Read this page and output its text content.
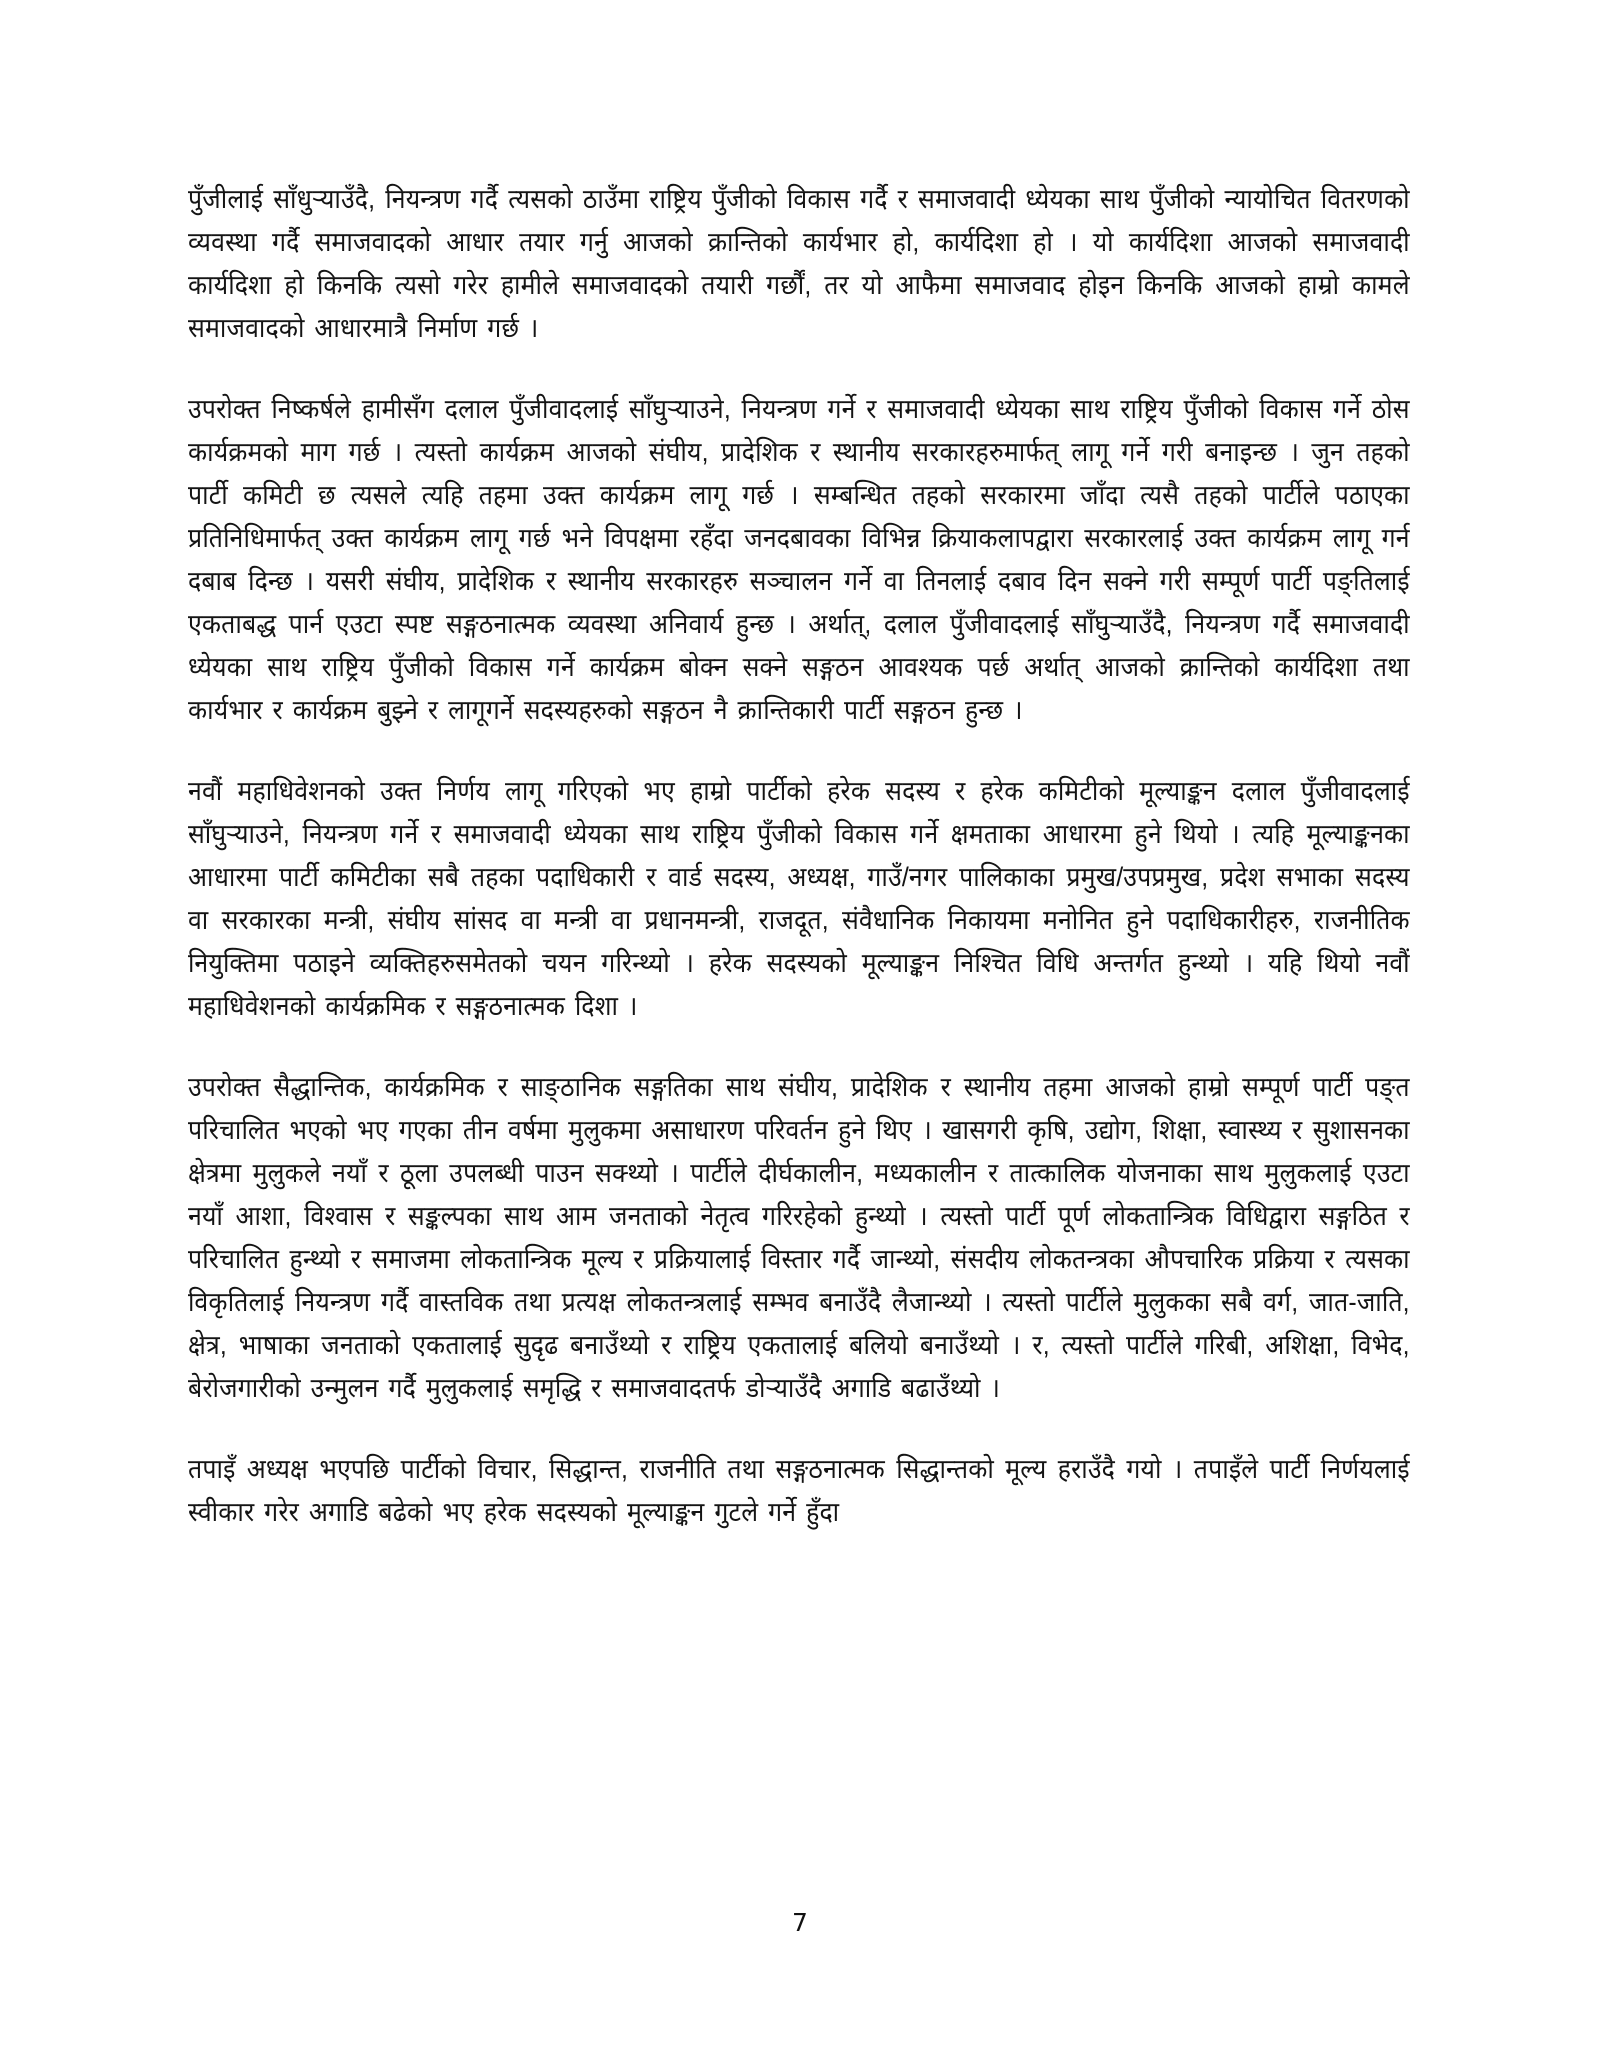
पुँजीलाई साँधुर्‍याउँदै, नियन्त्रण गर्दै त्यसको ठाउँमा राष्ट्रिय पुँजीको विकास गर्दै र समाजवादी ध्येयका साथ पुँजीको न्यायोचित वितरणको व्यवस्था गर्दै समाजवादको आधार तयार गर्नु आजको क्रान्तिको कार्यभार हो, कार्यदिशा हो । यो कार्यदिशा आजको समाजवादी कार्यदिशा हो किनकि त्यसो गरेर हामीले समाजवादको तयारी गर्छौं, तर यो आफैमा समाजवाद होइन किनकि आजको हाम्रो कामले समाजवादको आधारमात्रै निर्माण गर्छ ।

उपरोक्त निष्कर्षले हामीसँग दलाल पुँजीवादलाई साँघुर्‍याउने, नियन्त्रण गर्ने र समाजवादी ध्येयका साथ राष्ट्रिय पुँजीको विकास गर्ने ठोस कार्यक्रमको माग गर्छ । त्यस्तो कार्यक्रम आजको संघीय, प्रादेशिक र स्थानीय सरकारहरुमार्फत् लागू गर्ने गरी बनाइन्छ । जुन तहको पार्टी कमिटी छ त्यसले त्यहि तहमा उक्त कार्यक्रम लागू गर्छ । सम्बन्धित तहको सरकारमा जाँदा त्यसै तहको पार्टीले पठाएका प्रतिनिधिमार्फत् उक्त कार्यक्रम लागू गर्छ भने विपक्षमा रहँदा जनदबावका विभिन्न क्रियाकलापद्वारा सरकारलाई उक्त कार्यक्रम लागू गर्न दबाब दिन्छ । यसरी संघीय, प्रादेशिक र स्थानीय सरकारहरु सञ्चालन गर्ने वा तिनलाई दबाव दिन सक्ने गरी सम्पूर्ण पार्टी पङ्तिलाई एकताबद्ध पार्न एउटा स्पष्ट सङ्गठनात्मक व्यवस्था अनिवार्य हुन्छ । अर्थात्, दलाल पुँजीवादलाई साँघुर्‍याउँदै, नियन्त्रण गर्दै समाजवादी ध्येयका साथ राष्ट्रिय पुँजीको विकास गर्ने कार्यक्रम बोक्न सक्ने सङ्गठन आवश्यक पर्छ अर्थात् आजको क्रान्तिको कार्यदिशा तथा कार्यभार र कार्यक्रम बुझ्ने र लागूगर्ने सदस्यहरुको सङ्गठन नै क्रान्तिकारी पार्टी सङ्गठन हुन्छ ।

नवौं महाधिवेशनको उक्त निर्णय लागू गरिएको भए हाम्रो पार्टीको हरेक सदस्य र हरेक कमिटीको मूल्याङ्कन दलाल पुँजीवादलाई साँघुर्‍याउने, नियन्त्रण गर्ने र समाजवादी ध्येयका साथ राष्ट्रिय पुँजीको विकास गर्ने क्षमताका आधारमा हुने थियो । त्यहि मूल्याङ्कनका आधारमा पार्टी कमिटीका सबै तहका पदाधिकारी र वार्ड सदस्य, अध्यक्ष, गाउँ/नगर पालिकाका प्रमुख/उपप्रमुख, प्रदेश सभाका सदस्य वा सरकारका मन्त्री, संघीय सांसद वा मन्त्री वा प्रधानमन्त्री, राजदूत, संवैधानिक निकायमा मनोनित हुने पदाधिकारीहरु, राजनीतिक नियुक्तिमा पठाइने व्यक्तिहरुसमेतको चयन गरिन्थ्यो । हरेक सदस्यको मूल्याङ्कन निश्चित विधि अन्तर्गत हुन्थ्यो । यहि थियो नवौं महाधिवेशनको कार्यक्रमिक र सङ्गठनात्मक दिशा ।

उपरोक्त सैद्धान्तिक, कार्यक्रमिक र साङ्ठानिक सङ्गतिका साथ संघीय, प्रादेशिक र स्थानीय तहमा आजको हाम्रो सम्पूर्ण पार्टी पङ्त परिचालित भएको भए गएका तीन वर्षमा मुलुकमा असाधारण परिवर्तन हुने थिए । खासगरी कृषि, उद्योग, शिक्षा, स्वास्थ्य र सुशासनका क्षेत्रमा मुलुकले नयाँ र ठूला उपलब्धी पाउन सक्थ्यो । पार्टीले दीर्घकालीन, मध्यकालीन र तात्कालिक योजनाका साथ मुलुकलाई एउटा नयाँ आशा, विश्वास र सङ्कल्पका साथ आम जनताको नेतृत्व गरिरहेको हुन्थ्यो । त्यस्तो पार्टी पूर्ण लोकतान्त्रिक विधिद्वारा सङ्गठित र परिचालित हुन्थ्यो र समाजमा लोकतान्त्रिक मूल्य र प्रक्रियालाई विस्तार गर्दै जान्थ्यो, संसदीय लोकतन्त्रका औपचारिक प्रक्रिया र त्यसका विकृतिलाई नियन्त्रण गर्दै वास्तविक तथा प्रत्यक्ष लोकतन्त्रलाई सम्भव बनाउँदै लैजान्थ्यो । त्यस्तो पार्टीले मुलुकका सबै वर्ग, जात-जाति, क्षेत्र, भाषाका जनताको एकतालाई सुदृढ बनाउँथ्यो र राष्ट्रिय एकतालाई बलियो बनाउँथ्यो । र, त्यस्तो पार्टीले गरिबी, अशिक्षा, विभेद, बेरोजगारीको उन्मुलन गर्दै मुलुकलाई समृद्धि र समाजवादतर्फ डोर्‍याउँदै अगाडि बढाउँथ्यो ।

तपाइँ अध्यक्ष भएपछि पार्टीको विचार, सिद्धान्त, राजनीति तथा सङ्गठनात्मक सिद्धान्तको मूल्य हराउँदै गयो । तपाइँले पार्टी निर्णयलाई स्वीकार गरेर अगाडि बढेको भए हरेक सदस्यको मूल्याङ्कन गुटले गर्ने हुँदा

7
